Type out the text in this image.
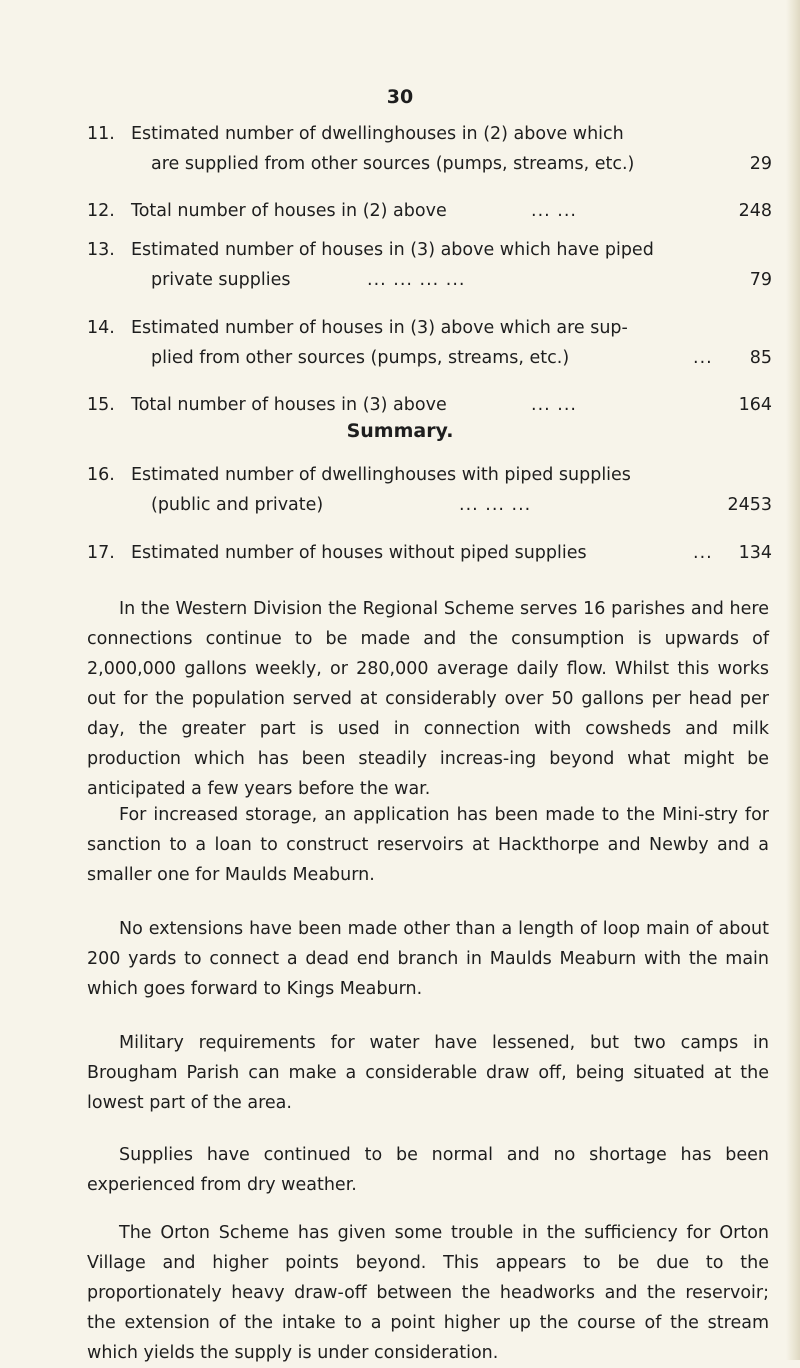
30
11. Estimated number of dwellinghouses in (2) above which
are supplied from other sources (pumps, streams, etc.)	29
12. Total number of houses in (2) above	... ...	248
13. Estimated number of houses in (3) above which have piped
private supplies	... ... ... ...	79
14. Estimated number of houses in (3) above which are sup-
plied from other sources (pumps, streams, etc.)	... 85
15. Total number of houses in (3) above	... ...	164
Summary.
16. Estimated number of dwellinghouses with piped supplies
(public and private)	... ... ...	2453
17. Estimated number of houses without piped supplies	... 134

In the Western Division the Regional Scheme serves 16 parishes and here connections continue to be made and the consumption is upwards of 2,000,000 gallons weekly, or 280,000 average daily flow. Whilst this works out for the population served at considerably over 50 gallons per head per day, the greater part is used in connection with cowsheds and milk production which has been steadily increas-ing beyond what might be anticipated a few years before the war.

For increased storage, an application has been made to the Mini-stry for sanction to a loan to construct reservoirs at Hackthorpe and Newby and a smaller one for Maulds Meaburn.

No extensions have been made other than a length of loop main of about 200 yards to connect a dead end branch in Maulds Meaburn with the main which goes forward to Kings Meaburn.

Military requirements for water have lessened, but two camps in Brougham Parish can make a considerable draw off, being situated at the lowest part of the area.

Supplies have continued to be normal and no shortage has been experienced from dry weather.

The Orton Scheme has given some trouble in the sufficiency for Orton Village and higher points beyond. This appears to be due to the proportionately heavy draw-off between the headworks and the reservoir; the extension of the intake to a point higher up the course of the stream which yields the supply is under consideration.
